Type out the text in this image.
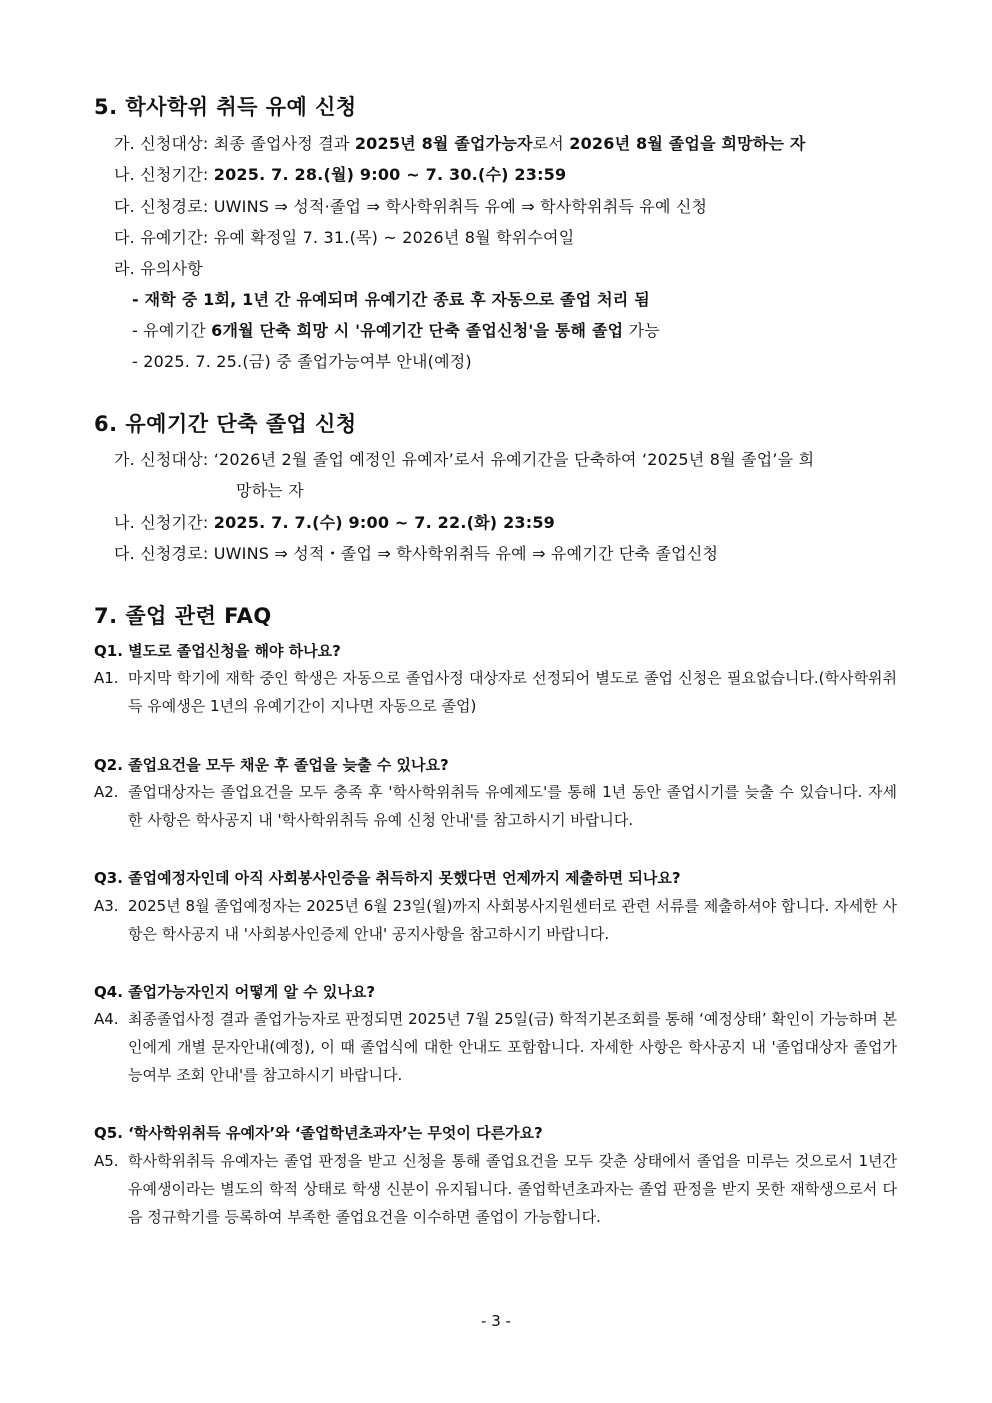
5. 학사학위 취득 유예 신청
가. 신청대상: 최종 졸업사정 결과 2025년 8월 졸업가능자로서 2026년 8월 졸업을 희망하는 자
나. 신청기간: 2025. 7. 28.(월) 9:00 ~ 7. 30.(수) 23:59
다. 신청경로: UWINS ⇒ 성적·졸업 ⇒ 학사학위취득 유예 ⇒ 학사학위취득 유예 신청
다. 유예기간: 유예 확정일 7. 31.(목) ~ 2026년 8월 학위수여일
라. 유의사항
- 재학 중 1회, 1년 간 유예되며 유예기간 종료 후 자동으로 졸업 처리 됨
- 유예기간 6개월 단축 희망 시 '유예기간 단축 졸업신청'을 통해 졸업 가능
- 2025. 7. 25.(금) 중 졸업가능여부 안내(예정)
6. 유예기간 단축 졸업 신청
가. 신청대상: ‘2026년 2월 졸업 예정인 유예자’로서 유예기간을 단축하여 ‘2025년 8월 졸업’을 희
망하는 자
나. 신청기간: 2025. 7. 7.(수) 9:00 ~ 7. 22.(화) 23:59
다. 신청경로: UWINS ⇒ 성적・졸업 ⇒ 학사학위취득 유예 ⇒ 유예기간 단축 졸업신청
7. 졸업 관련 FAQ
Q1. 별도로 졸업신청을 해야 하나요?
A1. 마지막 학기에 재학 중인 학생은 자동으로 졸업사정 대상자로 선정되어 별도로 졸업 신청은 필요없습니다.(학사학위취득 유예생은 1년의 유예기간이 지나면 자동으로 졸업)
Q2. 졸업요건을 모두 채운 후 졸업을 늦출 수 있나요?
A2. 졸업대상자는 졸업요건을 모두 충족 후 '학사학위취득 유예제도'를 통해 1년 동안 졸업시기를 늦출 수 있습니다. 자세한 사항은 학사공지 내 '학사학위취득 유예 신청 안내'를 참고하시기 바랍니다.
Q3. 졸업예정자인데 아직 사회봉사인증을 취득하지 못했다면 언제까지 제출하면 되나요?
A3. 2025년 8월 졸업예정자는 2025년 6월 23일(월)까지 사회봉사지원센터로 관련 서류를 제출하셔야 합니다. 자세한 사항은 학사공지 내 '사회봉사인증제 안내' 공지사항을 참고하시기 바랍니다.
Q4. 졸업가능자인지 어떻게 알 수 있나요?
A4. 최종졸업사정 결과 졸업가능자로 판정되면 2025년 7월 25일(금) 학적기본조회를 통해 ‘예정상태’ 확인이 가능하며 본인에게 개별 문자안내(예정), 이 때 졸업식에 대한 안내도 포함합니다. 자세한 사항은 학사공지 내 '졸업대상자 졸업가능여부 조회 안내'를 참고하시기 바랍니다.
Q5. ‘학사학위취득 유예자’와 ‘졸업학년초과자’는 무엇이 다른가요?
A5. 학사학위취득 유예자는 졸업 판정을 받고 신청을 통해 졸업요건을 모두 갖춘 상태에서 졸업을 미루는 것으로서 1년간 유예생이라는 별도의 학적 상태로 학생 신분이 유지됩니다. 졸업학년초과자는 졸업 판정을 받지 못한 재학생으로서 다음 정규학기를 등록하여 부족한 졸업요건을 이수하면 졸업이 가능합니다.
- 3 -
